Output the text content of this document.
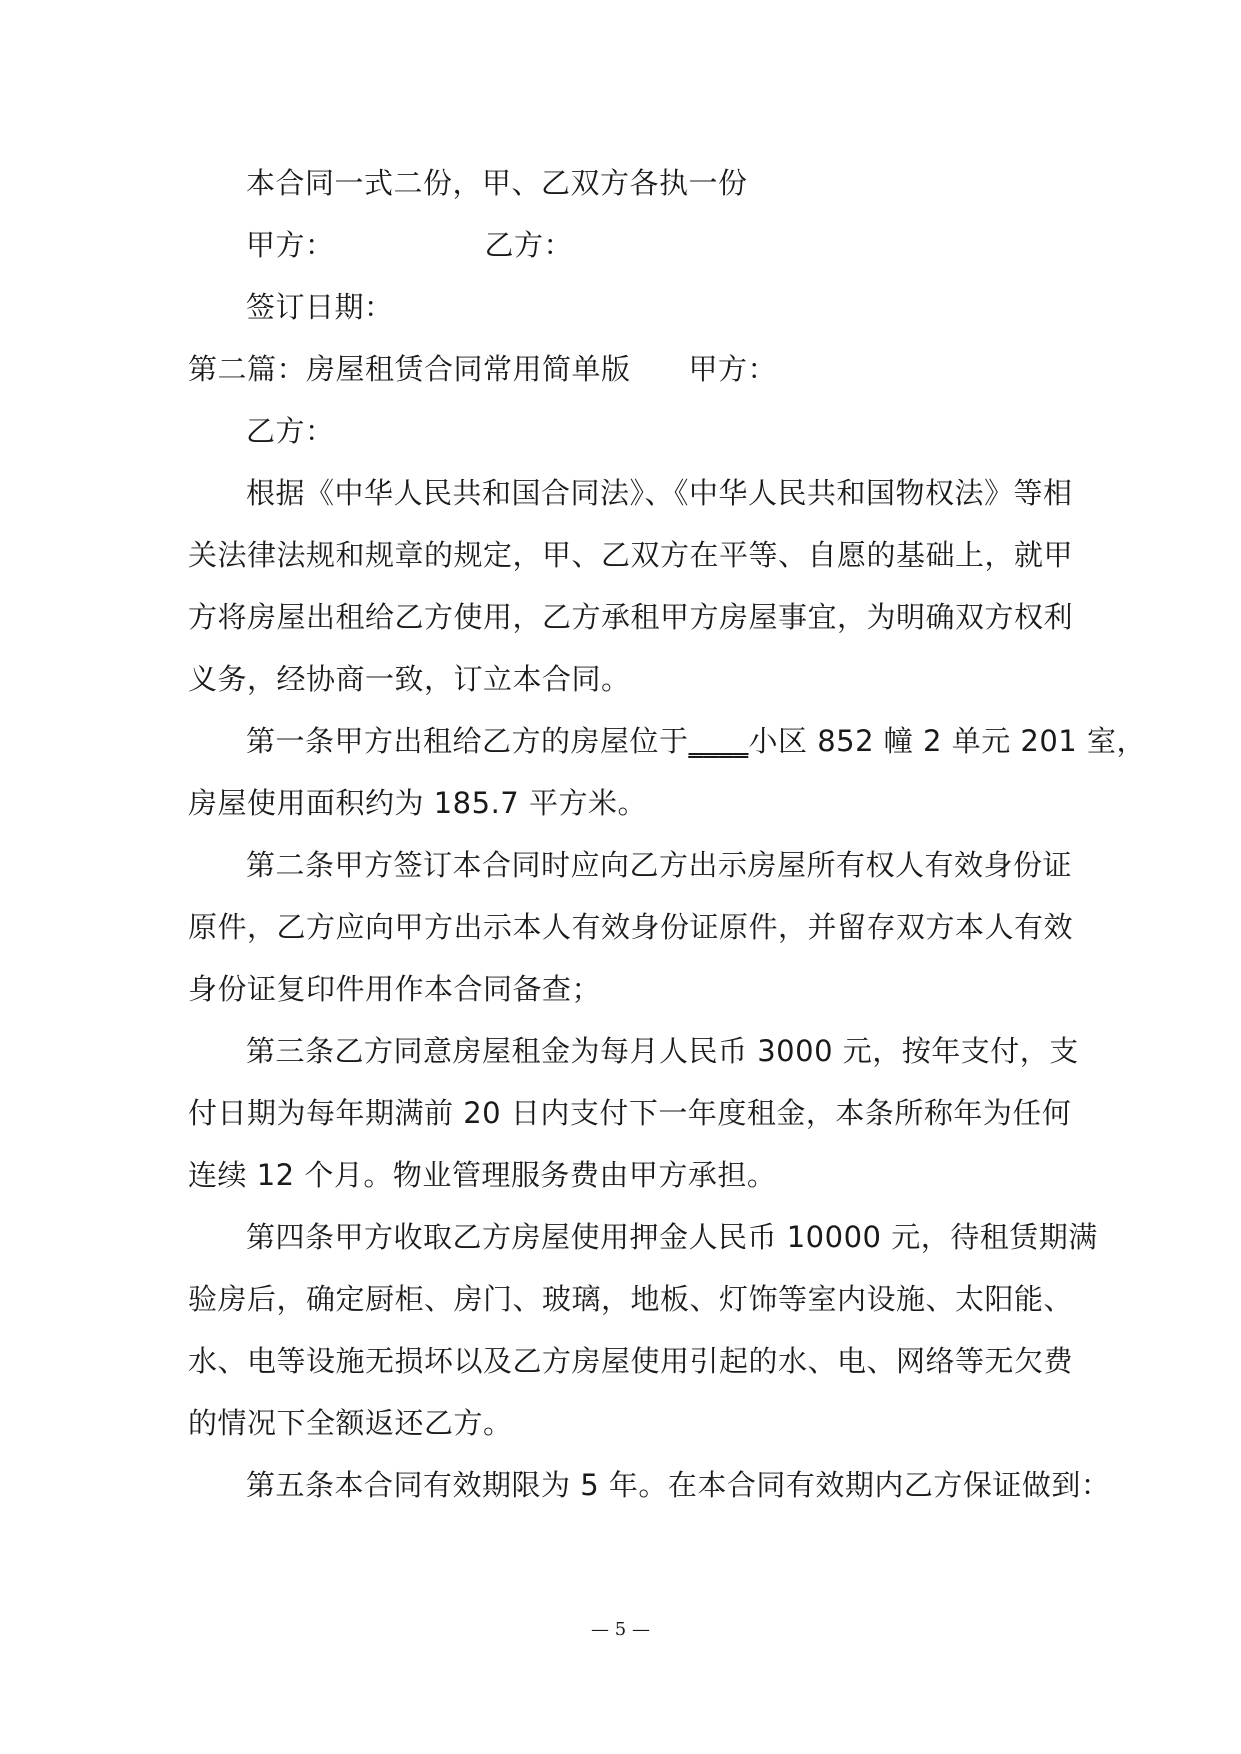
本合同一式二份，甲、乙双方各执一份
甲方：	乙方：
签订日期：
第二篇：房屋租赁合同常用简单版 甲方：
乙方：
根据《中华人民共和国合同法》、《中华人民共和国物权法》等相
关法律法规和规章的规定，甲、乙双方在平等、自愿的基础上，就甲
方将房屋出租给乙方使用，乙方承租甲方房屋事宜，为明确双方权利
义务，经协商一致，订立本合同。
第一条甲方出租给乙方的房屋位于____小区 852 幢 2 单元 201 室，
房屋使用面积约为 185.7 平方米。
第二条甲方签订本合同时应向乙方出示房屋所有权人有效身份证
原件，乙方应向甲方出示本人有效身份证原件，并留存双方本人有效
身份证复印件用作本合同备查；
第三条乙方同意房屋租金为每月人民币 3000 元，按年支付，支
付日期为每年期满前 20 日内支付下一年度租金，本条所称年为任何
连续 12 个月。物业管理服务费由甲方承担。
第四条甲方收取乙方房屋使用押金人民币 10000 元，待租赁期满
验房后，确定厨柜、房门、玻璃，地板、灯饰等室内设施、太阳能、
水、电等设施无损坏以及乙方房屋使用引起的水、电、网络等无欠费
的情况下全额返还乙方。
第五条本合同有效期限为 5 年。在本合同有效期内乙方保证做到：
— 5 —
